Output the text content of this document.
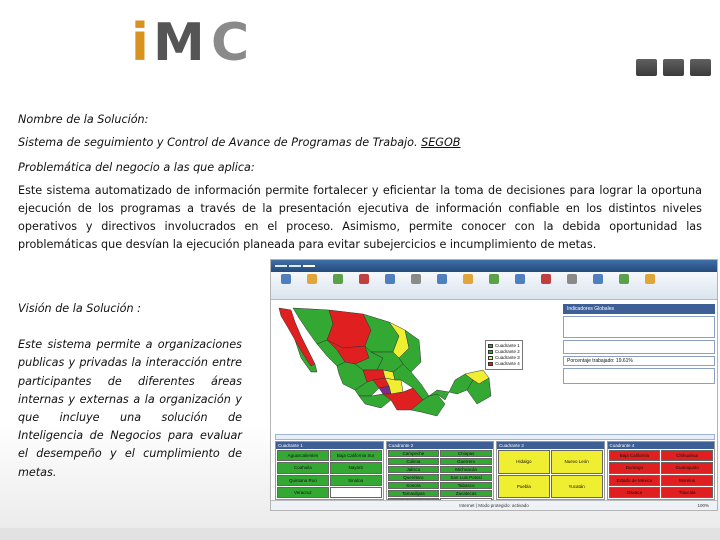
i M C
Nombre de la Solución:
Sistema de seguimiento y Control de Avance de Programas de Trabajo. SEGOB
Problemática del negocio a las que aplica:
Este sistema automatizado de información permite fortalecer y eficientar la toma de decisiones para lograr la oportuna ejecución de los programas a través de la presentación ejecutiva de información confiable en los distintos niveles operativos y directivos involucrados en el proceso. Asimismo, permite conocer con la debida oportunidad las problemáticas que desvían la ejecución planeada para evitar subejercicios e incumplimiento de metas.
Visión de la Solución :
Este sistema permite a organizaciones publicas y privadas la interacción entre participantes de diferentes áreas internas y externas a la organización y que incluye una solución de Inteligencia de Negocios para evaluar el desempeño y el cumplimiento de metas.
Cuadrante 1
Cuadrante 2
Cuadrante 3
Cuadrante 4
Indicadores Globales
Porcentaje trabajado: 19.61%
Cuadrante 1
Aguascalientes	Baja California Sur
Coahuila	Nayarit
Quintana Roo	Sinaloa
Veracruz
Cuadrante 2
Campeche	Chiapas
Colima	Guerrero
Jalisco	Michoacán
Querétaro	San Luis Potosí
Sonora	Tabasco
Tamaulipas	Zacatecas
Cuadrante 3
Hidalgo	Nuevo León
Puebla	Yucatán
Cuadrante 4
Baja California	Chihuahua
Durango	Guanajuato
Estado de México	Morelos
Oaxaca	Tlaxcala
Internet | Modo protegido: activado	100%
